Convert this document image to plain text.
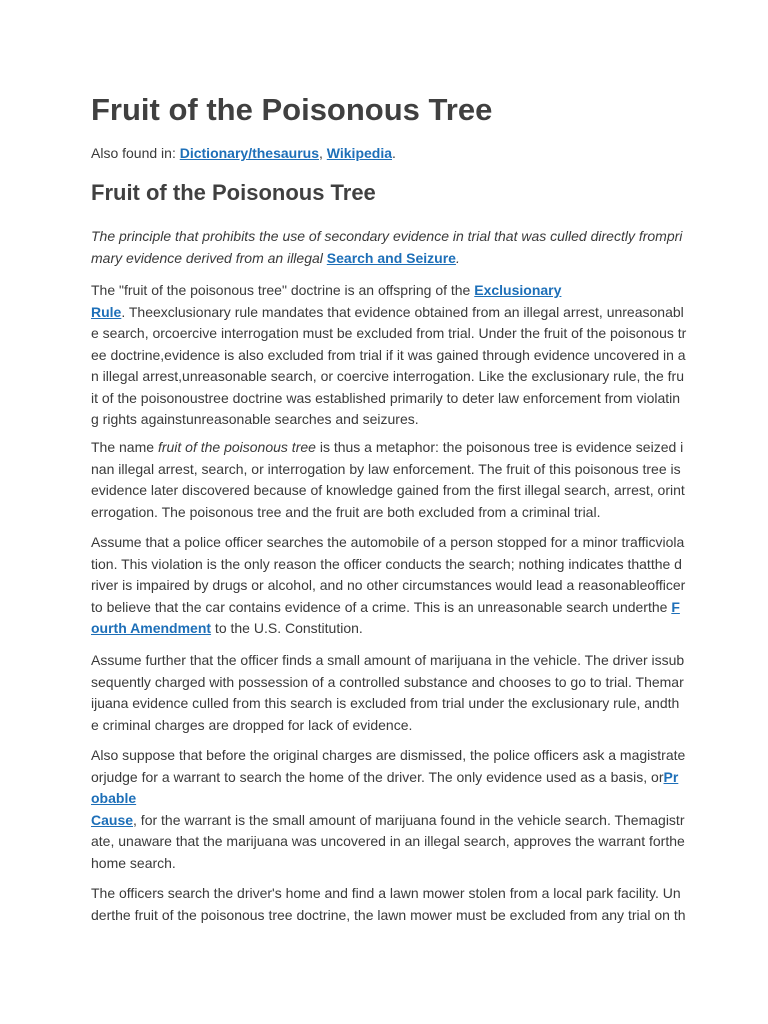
Fruit of the Poisonous Tree
Also found in: Dictionary/thesaurus, Wikipedia.
Fruit of the Poisonous Tree
The principle that prohibits the use of secondary evidence in trial that was culled directly frompri
mary evidence derived from an illegal Search and Seizure.
The "fruit of the poisonous tree" doctrine is an offspring of the Exclusionary
Rule. Theexclusionary rule mandates that evidence obtained from an illegal arrest, unreasonabl
e search, orcoercive interrogation must be excluded from trial. Under the fruit of the poisonous tr
ee doctrine,evidence is also excluded from trial if it was gained through evidence uncovered in a
n illegal arrest,unreasonable search, or coercive interrogation. Like the exclusionary rule, the fru
it of the poisonoustree doctrine was established primarily to deter law enforcement from violatin
g rights againstunreasonable searches and seizures.
The name fruit of the poisonous tree is thus a metaphor: the poisonous tree is evidence seized i
nan illegal arrest, search, or interrogation by law enforcement. The fruit of this poisonous tree is
evidence later discovered because of knowledge gained from the first illegal search, arrest, orint
errogation. The poisonous tree and the fruit are both excluded from a criminal trial.
Assume that a police officer searches the automobile of a person stopped for a minor trafficviola
tion. This violation is the only reason the officer conducts the search; nothing indicates thatthe d
river is impaired by drugs or alcohol, and no other circumstances would lead a reasonableofficer
to believe that the car contains evidence of a crime. This is an unreasonable search underthe F
ourth Amendment to the U.S. Constitution.
Assume further that the officer finds a small amount of marijuana in the vehicle. The driver issub
sequently charged with possession of a controlled substance and chooses to go to trial. Themar
ijuana evidence culled from this search is excluded from trial under the exclusionary rule, andth
e criminal charges are dropped for lack of evidence.
Also suppose that before the original charges are dismissed, the police officers ask a magistrate
orjudge for a warrant to search the home of the driver. The only evidence used as a basis, orPr
obable
Cause, for the warrant is the small amount of marijuana found in the vehicle search. Themagistr
ate, unaware that the marijuana was uncovered in an illegal search, approves the warrant forthe
home search.
The officers search the driver's home and find a lawn mower stolen from a local park facility. Un
derthe fruit of the poisonous tree doctrine, the lawn mower must be excluded from any trial on th
